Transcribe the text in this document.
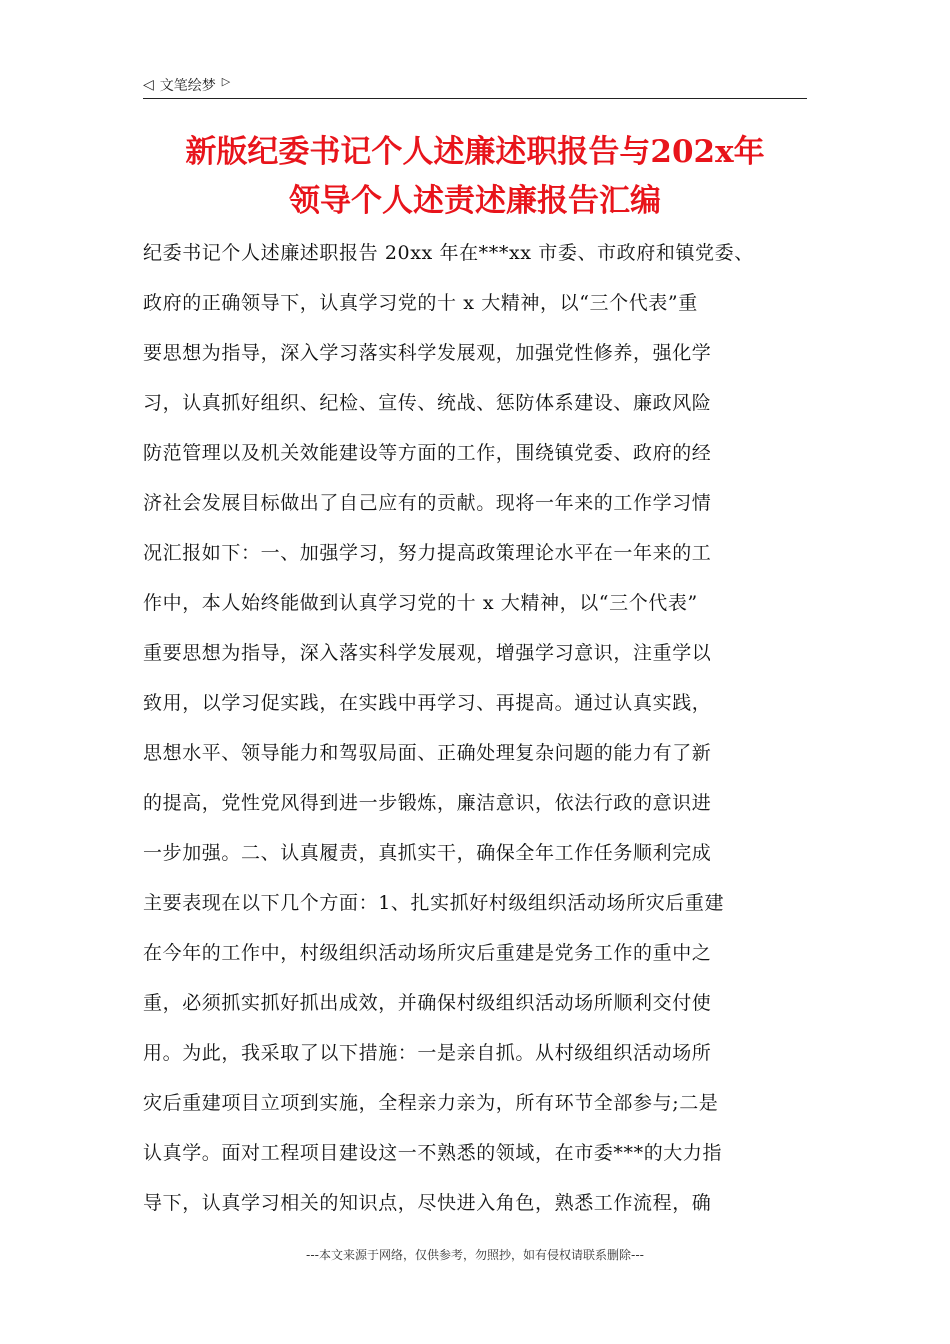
◁ 文笔绘梦 ▷
新版纪委书记个人述廉述职报告与202x年
领导个人述责述廉报告汇编
纪委书记个人述廉述职报告 20xx 年在***xx 市委、市政府和镇党委、
政府的正确领导下，认真学习党的十 x 大精神，以“三个代表”重
要思想为指导，深入学习落实科学发展观，加强党性修养，强化学
习，认真抓好组织、纪检、宣传、统战、惩防体系建设、廉政风险
防范管理以及机关效能建设等方面的工作，围绕镇党委、政府的经
济社会发展目标做出了自己应有的贡献。现将一年来的工作学习情
况汇报如下：一、加强学习，努力提高政策理论水平在一年来的工
作中，本人始终能做到认真学习党的十 x 大精神，以“三个代表”
重要思想为指导，深入落实科学发展观，增强学习意识，注重学以
致用，以学习促实践，在实践中再学习、再提高。通过认真实践，
思想水平、领导能力和驾驭局面、正确处理复杂问题的能力有了新
的提高，党性党风得到进一步锻炼，廉洁意识，依法行政的意识进
一步加强。二、认真履责，真抓实干，确保全年工作任务顺利完成
主要表现在以下几个方面：1、扎实抓好村级组织活动场所灾后重建
在今年的工作中，村级组织活动场所灾后重建是党务工作的重中之
重，必须抓实抓好抓出成效，并确保村级组织活动场所顺利交付使
用。为此，我采取了以下措施：一是亲自抓。从村级组织活动场所
灾后重建项目立项到实施，全程亲力亲为，所有环节全部参与;二是
认真学。面对工程项目建设这一不熟悉的领域，在市委***的大力指
导下，认真学习相关的知识点，尽快进入角色，熟悉工作流程，确
---本文来源于网络，仅供参考，勿照抄，如有侵权请联系删除---
